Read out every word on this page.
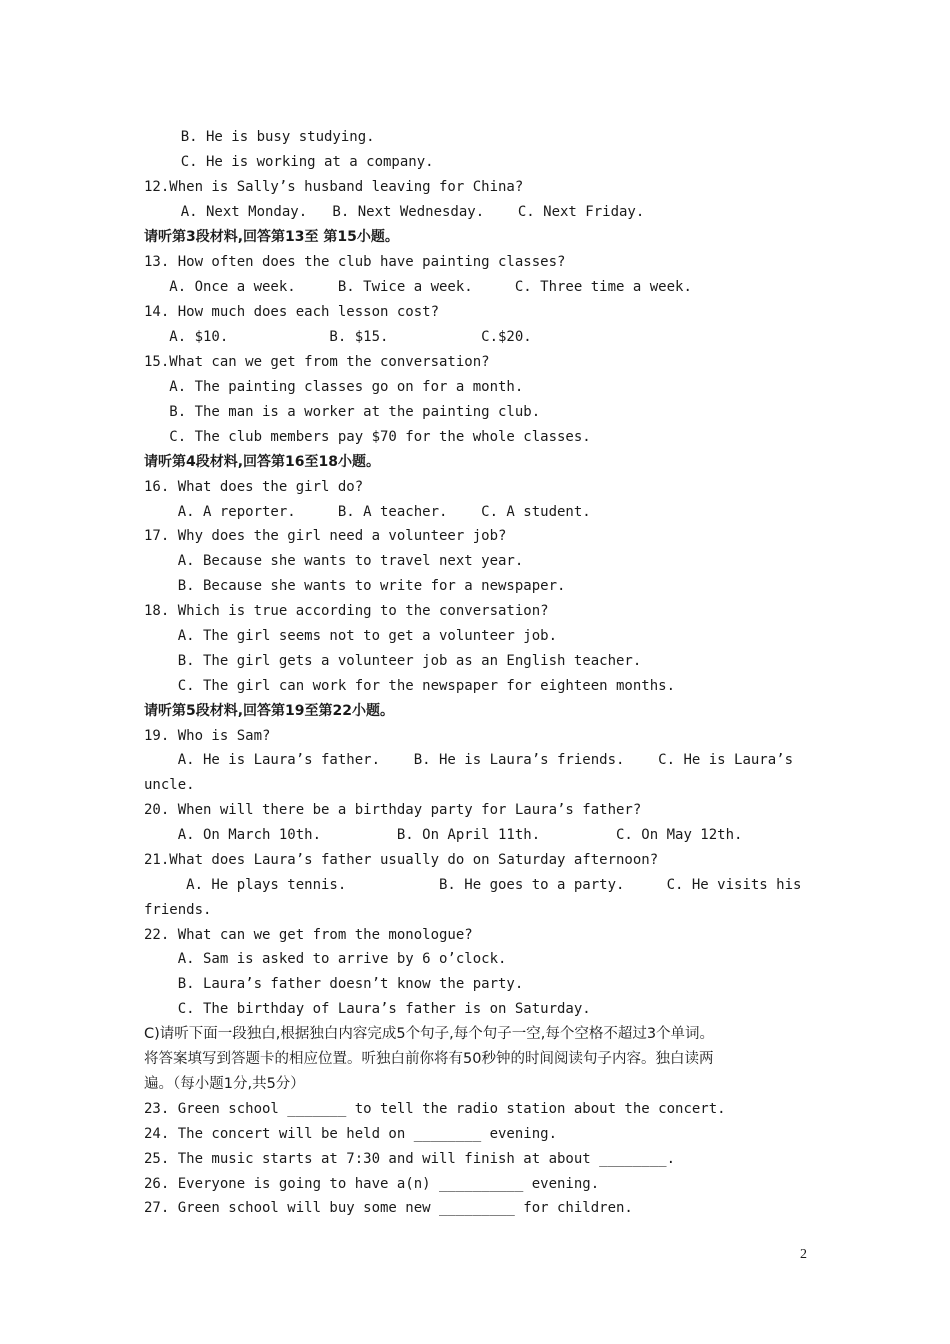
B. He is busy studying.
C. He is working at a company.
12.When is Sally’s husband leaving for China?
A. Next Monday.   B. Next Wednesday.    C. Next Friday.
请听第3段材料,回答第13至 第15小题。
13. How often does the club have painting classes?
A. Once a week.     B. Twice a week.     C. Three time a week.
14. How much does each lesson cost?
A. $10.            B. $15.           C.$20.
15.What can we get from the conversation?
A. The painting classes go on for a month.
B. The man is a worker at the painting club.
C. The club members pay $70 for the whole classes.
请听第4段材料,回答第16至18小题。
16. What does the girl do?
A. A reporter.     B. A teacher.    C. A student.
17. Why does the girl need a volunteer job?
A. Because she wants to travel next year.
B. Because she wants to write for a newspaper.
18. Which is true according to the conversation?
A. The girl seems not to get a volunteer job.
B. The girl gets a volunteer job as an English teacher.
C. The girl can work for the newspaper for eighteen months.
请听第5段材料,回答第19至第22小题。
19. Who is Sam?
A. He is Laura’s father.    B. He is Laura’s friends.    C. He is Laura’s
uncle.
20. When will there be a birthday party for Laura’s father?
A. On March 10th.         B. On April 11th.         C. On May 12th.
21.What does Laura’s father usually do on Saturday afternoon?
A. He plays tennis.           B. He goes to a party.     C. He visits his
friends.
22. What can we get from the monologue?
A. Sam is asked to arrive by 6 o’clock.
B. Laura’s father doesn’t know the party.
C. The birthday of Laura’s father is on Saturday.
C)请听下面一段独白,根据独白内容完成5个句子,每个句子一空,每个空格不超过3个单词。
将答案填写到答题卡的相应位置。听独白前你将有50秒钟的时间阅读句子内容。独白读两
遍。（每小题1分,共5分）
23. Green school _______ to tell the radio station about the concert.
24. The concert will be held on ________ evening.
25. The music starts at 7:30 and will finish at about ________.
26. Everyone is going to have a(n) __________ evening.
27. Green school will buy some new _________ for children.
2
